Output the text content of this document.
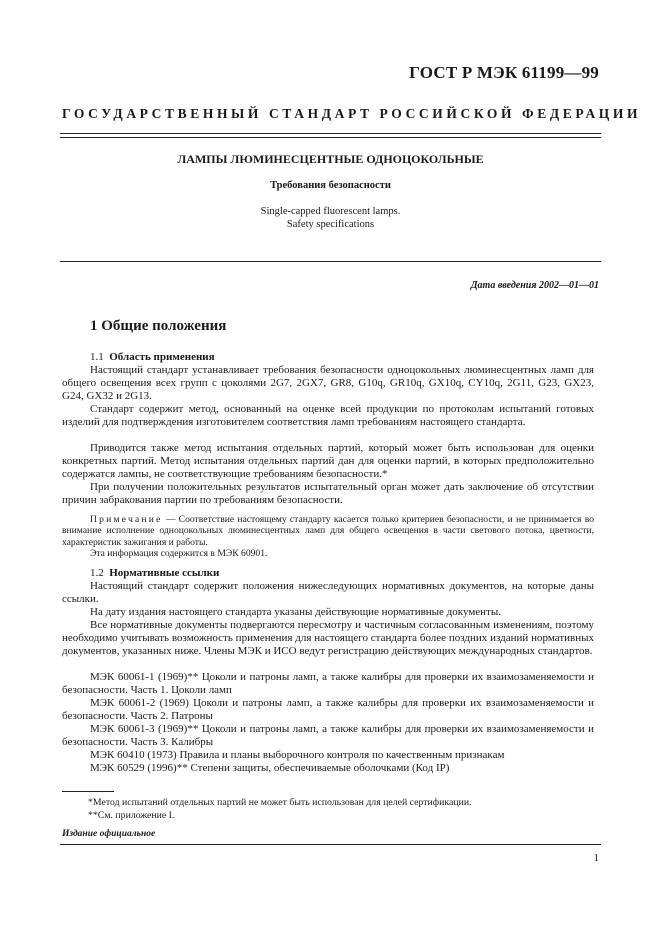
ГОСТ Р МЭК 61199—99
ГОСУДАРСТВЕННЫЙ СТАНДАРТ РОССИЙСКОЙ ФЕДЕРАЦИИ
ЛАМПЫ ЛЮМИНЕСЦЕНТНЫЕ ОДНОЦОКОЛЬНЫЕ
Требования безопасности
Single-capped fluorescent lamps.
Safety specifications
Дата введения 2002—01—01
1 Общие положения
1.1 Область применения
Настоящий стандарт устанавливает требования безопасности одноцокольных люминесцентных ламп для общего освещения всех групп с цоколями 2G7, 2GX7, GR8, G10q, GR10q, GX10q, CY10q, 2G11, G23, GX23, G24, GX32 и 2G13.
Стандарт содержит метод, основанный на оценке всей продукции по протоколам испытаний готовых изделий для подтверждения изготовителем соответствия ламп требованиям настоящего стандарта.
Приводится также метод испытания отдельных партий, который может быть использован для оценки конкретных партий. Метод испытания отдельных партий дан для оценки партий, в которых предположительно содержатся лампы, не соответствующие требованиям безопасности.*
При получении положительных результатов испытательный орган может дать заключение об отсутствии причин забракования партии по требованиям безопасности.
Примечание — Соответствие настоящему стандарту касается только критериев безопасности, и не принимается во внимание исполнение одноцокольных люминесцентных ламп для общего освещения в части светового потока, цветности, характеристик зажигания и работы.
Эта информация содержится в МЭК 60901.
1.2 Нормативные ссылки
Настоящий стандарт содержит положения нижеследующих нормативных документов, на которые даны ссылки.
На дату издания настоящего стандарта указаны действующие нормативные документы.
Все нормативные документы подвергаются пересмотру и частичным согласованным изменениям, поэтому необходимо учитывать возможность применения для настоящего стандарта более поздних изданий нормативных документов, указанных ниже. Члены МЭК и ИСО ведут регистрацию действующих международных стандартов.
МЭК 60061-1 (1969)** Цоколи и патроны ламп, а также калибры для проверки их взаимозаменяемости и безопасности. Часть 1. Цоколи ламп
МЭК 60061-2 (1969) Цоколи и патроны ламп, а также калибры для проверки их взаимозаменяемости и безопасности. Часть 2. Патроны
МЭК 60061-3 (1969)** Цоколи и патроны ламп, а также калибры для проверки их взаимозаменяемости и безопасности. Часть 3. Калибры
МЭК 60410 (1973) Правила и планы выборочного контроля по качественным признакам
МЭК 60529 (1996)** Степени защиты, обеспечиваемые оболочками (Код IP)
*Метод испытаний отдельных партий не может быть использован для целей сертификации.
**См. приложение I.
Издание официальное
1
